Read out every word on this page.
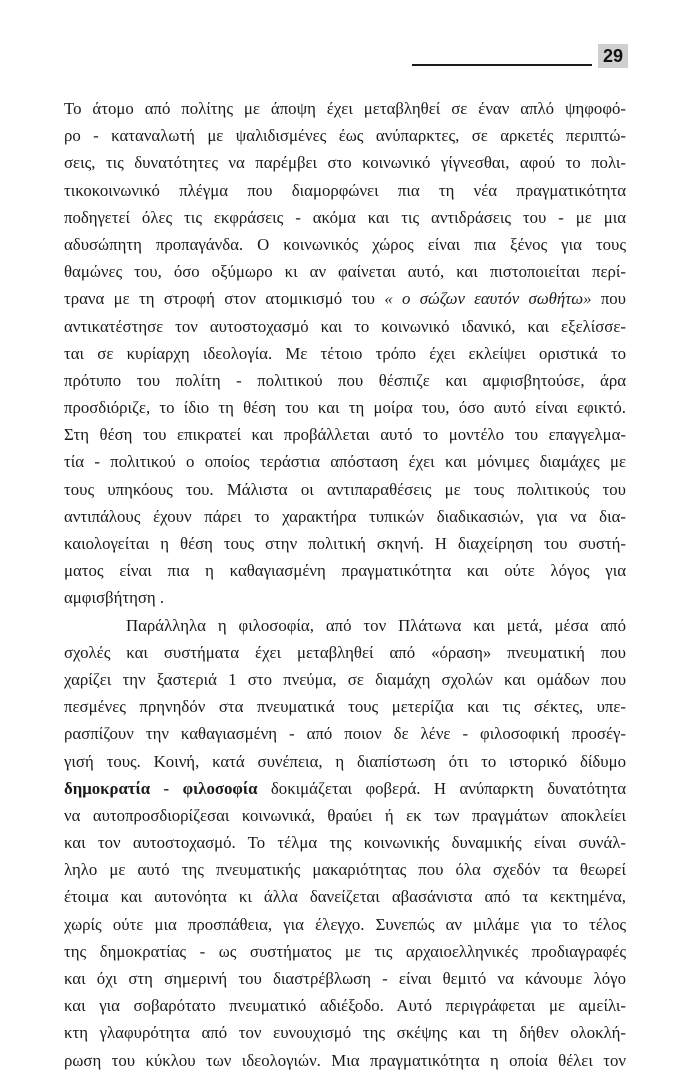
29
Το άτομο από πολίτης με άποψη έχει μεταβληθεί σε έναν απλό ψηφοφό-
ρο - καταναλωτή με ψαλιδισμένες έως ανύπαρκτες, σε αρκετές περιπτώ-
σεις, τις δυνατότητες να παρέμβει στο κοινωνικό γίγνεσθαι, αφού το πολι-
τικοκοινωνικό πλέγμα που διαμορφώνει πια τη νέα πραγματικότητα
ποδηγετεί όλες τις εκφράσεις - ακόμα και τις αντιδράσεις του - με μια
αδυσώπητη προπαγάνδα. Ο κοινωνικός χώρος είναι πια ξένος για τους
θαμώνες του, όσο οξύμωρο κι αν φαίνεται αυτό, και πιστοποιείται περί-
τρανα με τη στροφή στον ατομικισμό του « ο σώζων εαυτόν σωθήτω» που
αντικατέστησε τον αυτοστοχασμό και το κοινωνικό ιδανικό, και εξελίσσε-
ται σε κυρίαρχη ιδεολογία. Με τέτοιο τρόπο έχει εκλείψει οριστικά το
πρότυπο του πολίτη - πολιτικού που θέσπιζε και αμφισβητούσε, άρα
προσδιόριζε, το ίδιο τη θέση του και τη μοίρα του, όσο αυτό είναι εφικτό.
Στη θέση του επικρατεί και προβάλλεται αυτό το μοντέλο του επαγγελμα-
τία - πολιτικού ο οποίος τεράστια απόσταση έχει και μόνιμες διαμάχες με
τους υπηκόους του. Μάλιστα οι αντιπαραθέσεις με τους πολιτικούς του
αντιπάλους έχουν πάρει το χαρακτήρα τυπικών διαδικασιών, για να δια-
καιολογείται η θέση τους στην πολιτική σκηνή. Η διαχείρηση του συστή-
ματος είναι πια η καθαγιασμένη πραγματικότητα και ούτε λόγος για
αμφισβήτηση .
Παράλληλα η φιλοσοφία, από τον Πλάτωνα και μετά, μέσα από
σχολές και συστήματα έχει μεταβληθεί από «όραση» πνευματική που
χαρίζει την ξαστεριά 1 στο πνεύμα, σε διαμάχη σχολών και ομάδων που
πεσμένες πρηνηδόν στα πνευματικά τους μετερίζια και τις σέκτες, υπε-
ρασπίζουν την καθαγιασμένη - από ποιον δε λένε - φιλοσοφική προσέγ-
γισή τους. Κοινή, κατά συνέπεια, η διαπίστωση ότι το ιστορικό δίδυμο
δημοκρατία - φιλοσοφία δοκιμάζεται φοβερά. Η ανύπαρκτη δυνατότητα
να αυτοπροσδιορίζεσαι κοινωνικά, θραύει ή εκ των πραγμάτων αποκλείει
και τον αυτοστοχασμό. Το τέλμα της κοινωνικής δυναμικής είναι συνάλ-
ληλο με αυτό της πνευματικής μακαριότητας που όλα σχεδόν τα θεωρεί
έτοιμα και αυτονόητα κι άλλα δανείζεται αβασάνιστα από τα κεκτημένα,
χωρίς ούτε μια προσπάθεια, για έλεγχο. Συνεπώς αν μιλάμε για το τέλος
της δημοκρατίας - ως συστήματος με τις αρχαιοελληνικές προδιαγραφές
και όχι στη σημερινή του διαστρέβλωση - είναι θεμιτό να κάνουμε λόγο
και για σοβαρότατο πνευματικό αδιέξοδο. Αυτό περιγράφεται με αμείλι-
κτη γλαφυρότητα από τον ευνουχισμό της σκέψης και τη δήθεν ολοκλή-
ρωση του κύκλου των ιδεολογιών. Μια πραγματικότητα η οποία θέλει τον
